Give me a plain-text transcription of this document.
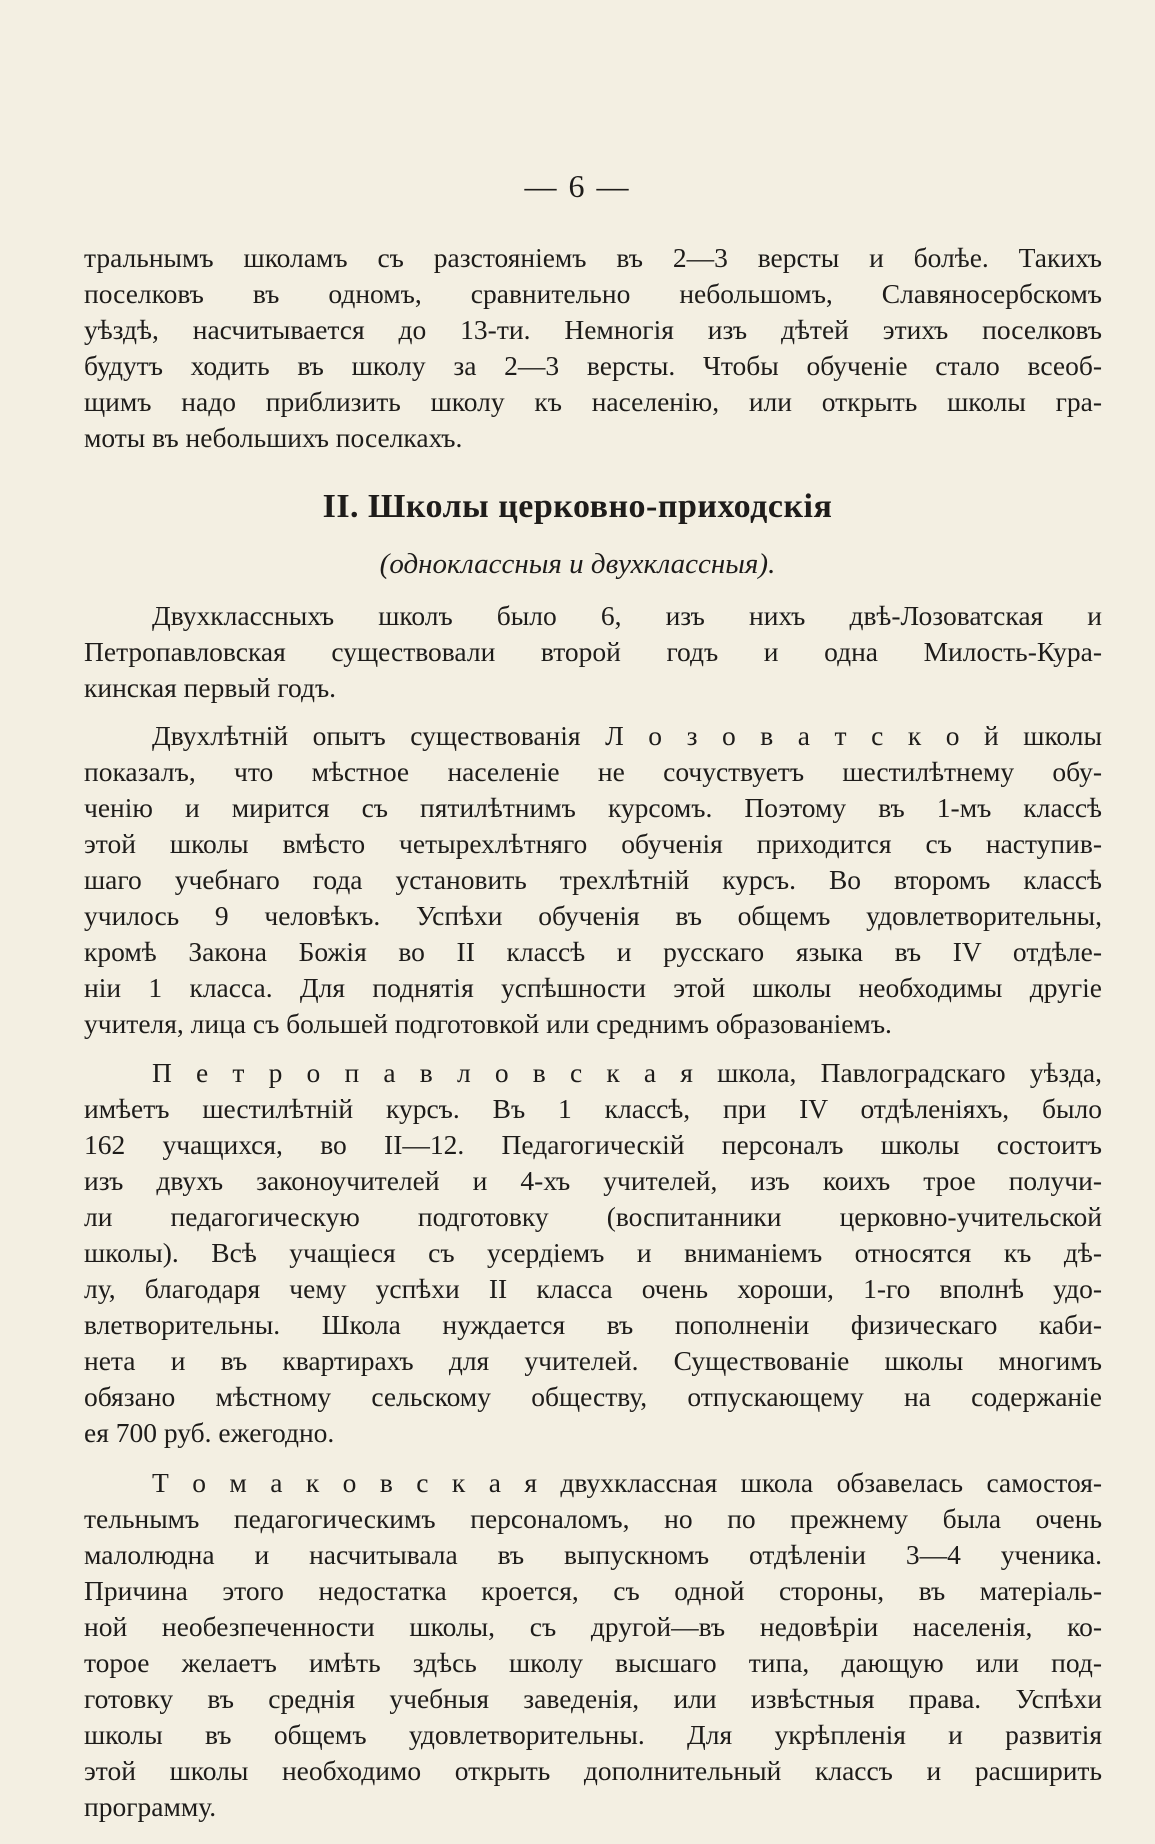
— 6 —
тральнымъ школамъ съ разстояніемъ въ 2—3 версты и болѣе. Такихъ
поселковъ въ одномъ, сравнительно небольшомъ, Славяносербскомъ
уѣздѣ, насчитывается до 13-ти. Немногія изъ дѣтей этихъ поселковъ
будутъ ходить въ школу за 2—3 версты. Чтобы обученіе стало всеоб-
щимъ надо приблизить школу къ населенію, или открыть школы гра-
моты въ небольшихъ поселкахъ.
II. Школы церковно-приходскія
(одноклассныя и двухклассныя).
Двухклассныхъ школъ было 6, изъ нихъ двѣ-Лозоватская и
Петропавловская существовали второй годъ и одна Милость-Кура-
кинская первый годъ.
Двухлѣтній опытъ существованія Л о з о в а т с к о й школы
показалъ, что мѣстное населеніе не сочуствуетъ шестилѣтнему обу-
ченію и мирится съ пятилѣтнимъ курсомъ. Поэтому въ 1-мъ классѣ
этой школы вмѣсто четырехлѣтняго обученія приходится съ наступив-
шаго учебнаго года установить трехлѣтній курсъ. Во второмъ классѣ
училось 9 человѣкъ. Успѣхи обученія въ общемъ удовлетворительны,
кромѣ Закона Божія во II классѣ и русскаго языка въ IV отдѣле-
ніи 1 класса. Для поднятія успѣшности этой школы необходимы другіе
учителя, лица съ большей подготовкой или среднимъ образованіемъ.
П е т р о п а в л о в с к а я школа, Павлоградскаго уѣзда,
имѣетъ шестилѣтній курсъ. Въ 1 классѣ, при IV отдѣленіяхъ, было
162 учащихся, во II—12. Педагогическій персоналъ школы состоитъ
изъ двухъ законоучителей и 4-хъ учителей, изъ коихъ трое получи-
ли педагогическую подготовку (воспитанники церковно-учительской
школы). Всѣ учащіеся съ усердіемъ и вниманіемъ относятся къ дѣ-
лу, благодаря чему успѣхи II класса очень хороши, 1-го вполнѣ удо-
влетворительны. Школа нуждается въ пополненіи физическаго каби-
нета и въ квартирахъ для учителей. Существованіе школы многимъ
обязано мѣстному сельскому обществу, отпускающему на содержаніе
ея 700 руб. ежегодно.
Т о м а к о в с к а я двухклассная школа обзавелась самостоя-
тельнымъ педагогическимъ персоналомъ, но по прежнему была очень
малолюдна и насчитывала въ выпускномъ отдѣленіи 3—4 ученика.
Причина этого недостатка кроется, съ одной стороны, въ матеріаль-
ной необезпеченности школы, съ другой—въ недовѣріи населенія, ко-
торое желаетъ имѣть здѣсь школу высшаго типа, дающую или под-
готовку въ среднія учебныя заведенія, или извѣстныя права. Успѣхи
школы въ общемъ удовлетворительны. Для укрѣпленія и развитія
этой школы необходимо открыть дополнительный классъ и расширить
программу.
